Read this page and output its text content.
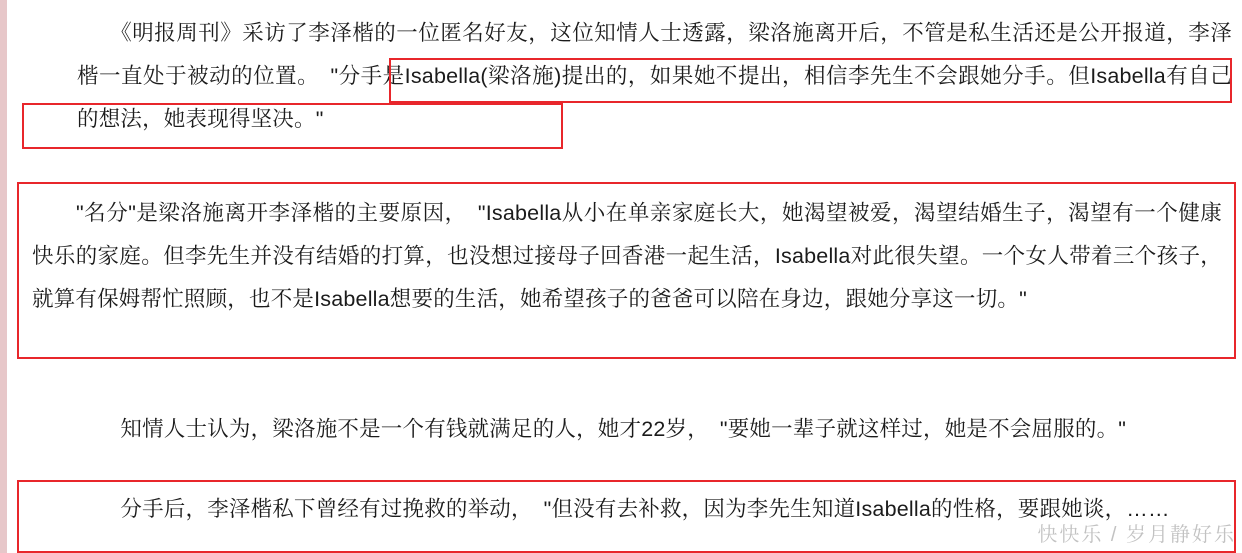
　　《明报周刊》采访了李泽楷的一位匿名好友，这位知情人士透露，梁洛施离开后，不管是私生活还是公开报道，李泽楷一直处于被动的位置。　"分手是Isabella(梁洛施)提出的，如果她不提出，相信李先生不会跟她分手。但Isabella有自己的想法，她表现得坚决。"
　　"名分"是梁洛施离开李泽楷的主要原因，　"Isabella从小在单亲家庭长大，她渴望被爱，渴望结婚生子，渴望有一个健康快乐的家庭。但李先生并没有结婚的打算，也没想过接母子回香港一起生活，Isabella对此很失望。一个女人带着三个孩子，就算有保姆帮忙照顾，也不是Isabella想要的生活，她希望孩子的爸爸可以陪在身边，跟她分享这一切。"
　　知情人士认为，梁洛施不是一个有钱就满足的人，她才22岁，　"要她一辈子就这样过，她是不会屈服的。"
　　分手后，李泽楷私下曾经有过挽救的举动，　"但没有去补救，因为李先生知道Isabella的性格，要跟她谈，……
快快乐 / 岁月静好乐
